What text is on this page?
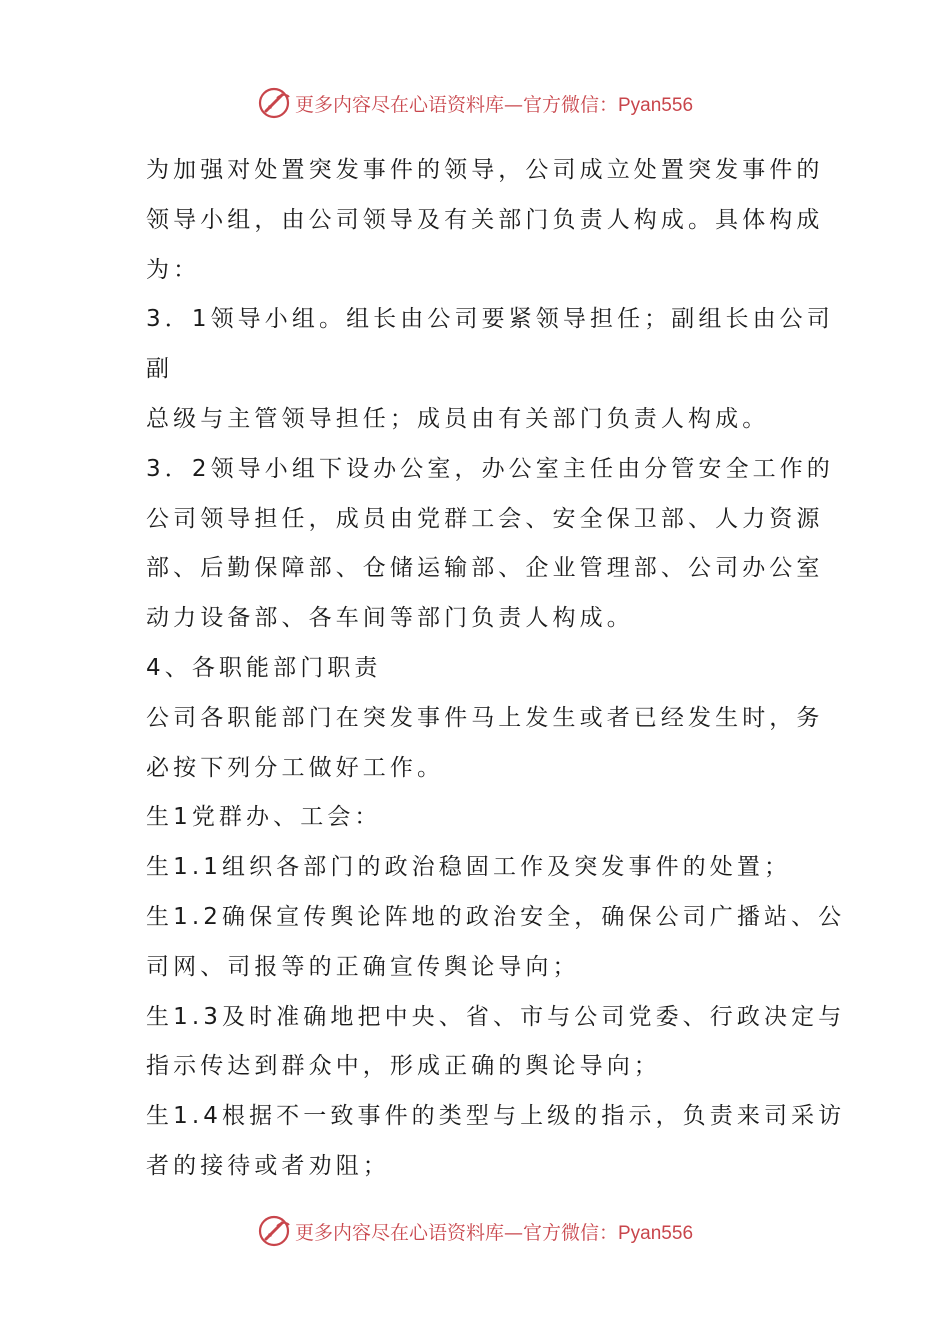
更多内容尽在心语资料库—官方微信：Pyan556
为加强对处置突发事件的领导，公司成立处置突发事件的
领导小组，由公司领导及有关部门负责人构成。具体构成
为：
3．1领导小组。组长由公司要紧领导担任；副组长由公司
副
总级与主管领导担任；成员由有关部门负责人构成。
3．2领导小组下设办公室，办公室主任由分管安全工作的
公司领导担任，成员由党群工会、安全保卫部、人力资源
部、后勤保障部、仓储运输部、企业管理部、公司办公室
动力设备部、各车间等部门负责人构成。
4、各职能部门职责
公司各职能部门在突发事件马上发生或者已经发生时，务
必按下列分工做好工作。
生1党群办、工会：
生1.1组织各部门的政治稳固工作及突发事件的处置；
生1.2确保宣传舆论阵地的政治安全，确保公司广播站、公
司网、司报等的正确宣传舆论导向；
生1.3及时准确地把中央、省、市与公司党委、行政决定与
指示传达到群众中，形成正确的舆论导向；
生1.4根据不一致事件的类型与上级的指示，负责来司采访
者的接待或者劝阻；
更多内容尽在心语资料库—官方微信：Pyan556
